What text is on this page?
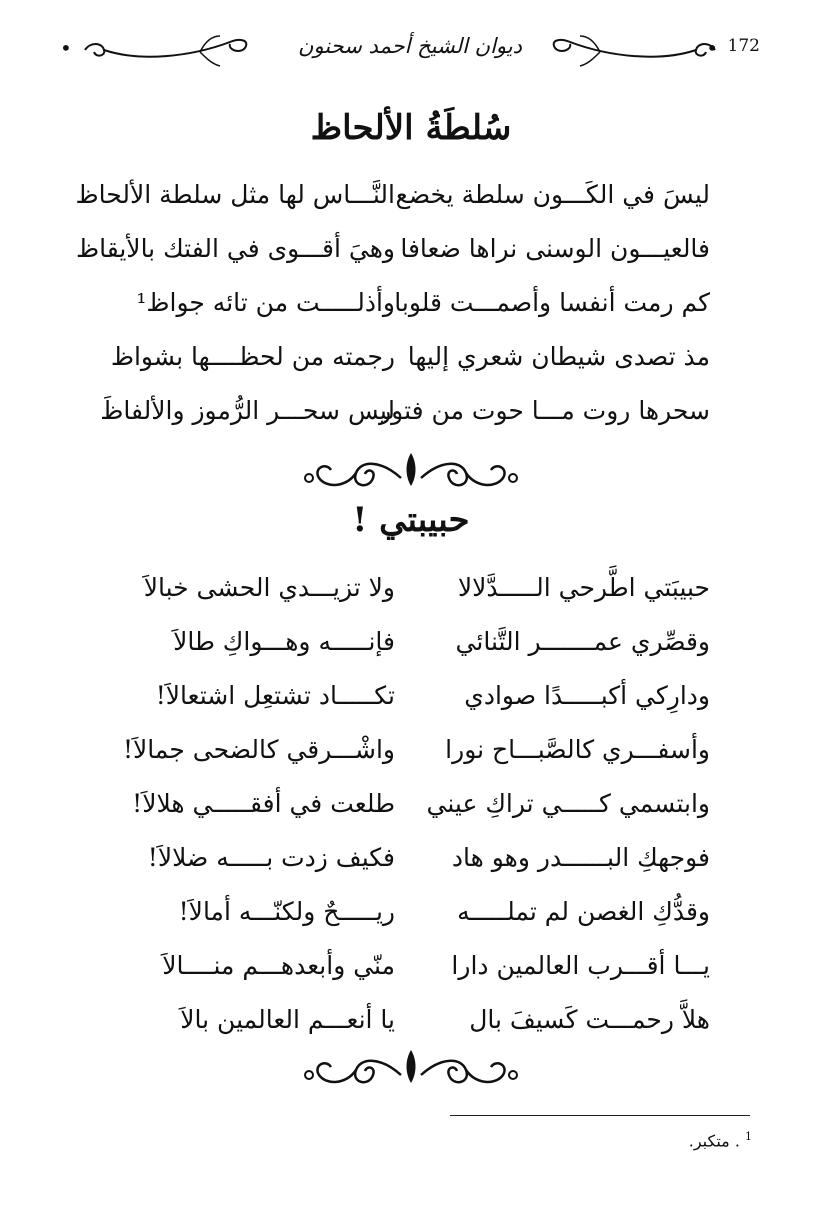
•	ديوان الشيخ أحمد سحنون	• 172
سُلطَةُ الألحاظ
ليسَ في الكَـــون سلطة يخضع
النَّـــاس لها مثل سلطة الألحاظ
فالعيـــون الوسنى نراها ضعافا
وهيَ أقـــوى في الفتك بالأيقاظ
كم رمت أنفسا وأصمـــت قلوبا
وأذلـــــت من تائه جواظ¹
مذ تصدى شيطان شعري إليها
رجمته من لحظــــها بشواظ
سحرها روت مـــا حوت من فتور
ليس سحـــر الرُّموز والألفاظَ
حبيبتي !
حبيبَتي اطَّرحي الـــــدَّلالا
ولا تزيـــدي الحشى خبالاَ
وقصِّري عمـــــــر التَّنائي
فإنـــــه وهـــواكِ طالاَ
ودارِكي أكبـــــدًا صوادي
تكـــــاد تشتعِل اشتعالاَ!
وأسفـــري كالصَّبـــاح نورا
واشْـــرقي كالضحى جمالاَ!
وابتسمي كـــــي تراكِ عيني
طلعت في أفقـــــي هلالاَ!
فوجهكِ البــــــدر وهو هاد
فكيف زدت بـــــه ضلالاَ!
وقدُّكِ الغصن لم تملـــــه
ريـــــحٌ ولكنّـــه أمالاَ!
يـــا أقـــرب العالمين دارا
منّي وأبعدهـــم منــــالاَ
هلاَّ رحمـــت كَسيفَ بال
يا أنعـــم العالمين بالاَ
$^1$ . متكبر.
